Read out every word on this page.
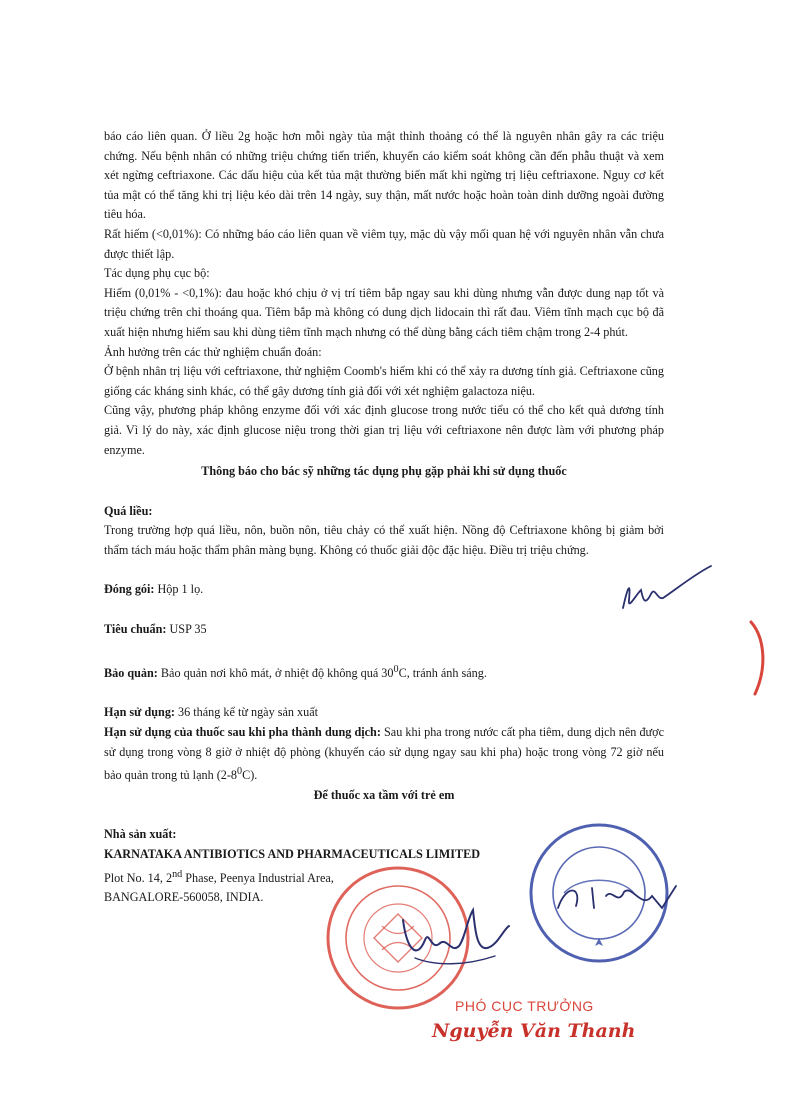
báo cáo liên quan. Ở liều 2g hoặc hơn mỗi ngày tủa mật thỉnh thoảng có thể là nguyên nhân gây ra các triệu chứng. Nếu bệnh nhân có những triệu chứng tiến triển, khuyến cáo kiểm soát không cần đến phẫu thuật và xem xét ngừng ceftriaxone. Các dấu hiệu của kết tủa mật thường biến mất khi ngừng trị liệu ceftriaxone. Nguy cơ kết tủa mật có thể tăng khi trị liệu kéo dài trên 14 ngày, suy thận, mất nước hoặc hoàn toàn dinh dưỡng ngoài đường tiêu hóa.

Rất hiếm (<0,01%): Có những báo cáo liên quan về viêm tụy, mặc dù vậy mối quan hệ với nguyên nhân vẫn chưa được thiết lập.

Tác dụng phụ cục bộ:

Hiếm (0,01% - <0,1%): đau hoặc khó chịu ở vị trí tiêm bắp ngay sau khi dùng nhưng vẫn được dung nạp tốt và triệu chứng trên chỉ thoáng qua. Tiêm bắp mà không có dung dịch lidocain thì rất đau. Viêm tĩnh mạch cục bộ đã xuất hiện nhưng hiếm sau khi dùng tiêm tĩnh mạch nhưng có thể dùng bằng cách tiêm chậm trong 2-4 phút.

Ảnh hưởng trên các thử nghiệm chuẩn đoán:

Ở bệnh nhân trị liệu với ceftriaxone, thử nghiệm Coomb's hiếm khi có thể xảy ra dương tính giả. Ceftriaxone cũng giống các kháng sinh khác, có thể gây dương tính giả đối với xét nghiệm galactoza niệu.

Cũng vậy, phương pháp không enzyme đối với xác định glucose trong nước tiểu có thể cho kết quả dương tính giả. Vì lý do này, xác định glucose niệu trong thời gian trị liệu với ceftriaxone nên được làm với phương pháp enzyme.

Thông báo cho bác sỹ những tác dụng phụ gặp phải khi sử dụng thuốc

Quá liều:

Trong trường hợp quá liều, nôn, buồn nôn, tiêu chảy có thể xuất hiện. Nồng độ Ceftriaxone không bị giảm bởi thẩm tách máu hoặc thẩm phân màng bụng. Không có thuốc giải độc đặc hiệu. Điều trị triệu chứng.

Đóng gói: Hộp 1 lọ.

Tiêu chuẩn: USP 35

Bảo quản: Bảo quản nơi khô mát, ở nhiệt độ không quá $30^0C$, tránh ánh sáng.

Hạn sử dụng: 36 tháng kể từ ngày sản xuất

Hạn sử dụng của thuốc sau khi pha thành dung dịch: Sau khi pha trong nước cất pha tiêm, dung dịch nên được sử dụng trong vòng 8 giờ ở nhiệt độ phòng (khuyến cáo sử dụng ngay sau khi pha) hoặc trong vòng 72 giờ nếu bảo quản trong tủ lạnh $(2-8^0C)$.

Để thuốc xa tầm với trẻ em

Nhà sản xuất:

KARNATAKA ANTIBIOTICS AND PHARMACEUTICALS LIMITED

Plot No. 14, 2nd Phase, Peenya Industrial Area,

BANGALORE-560058, INDIA.

PHÓ CỤC TRƯỞNG
Nguyễn Văn Thanh
